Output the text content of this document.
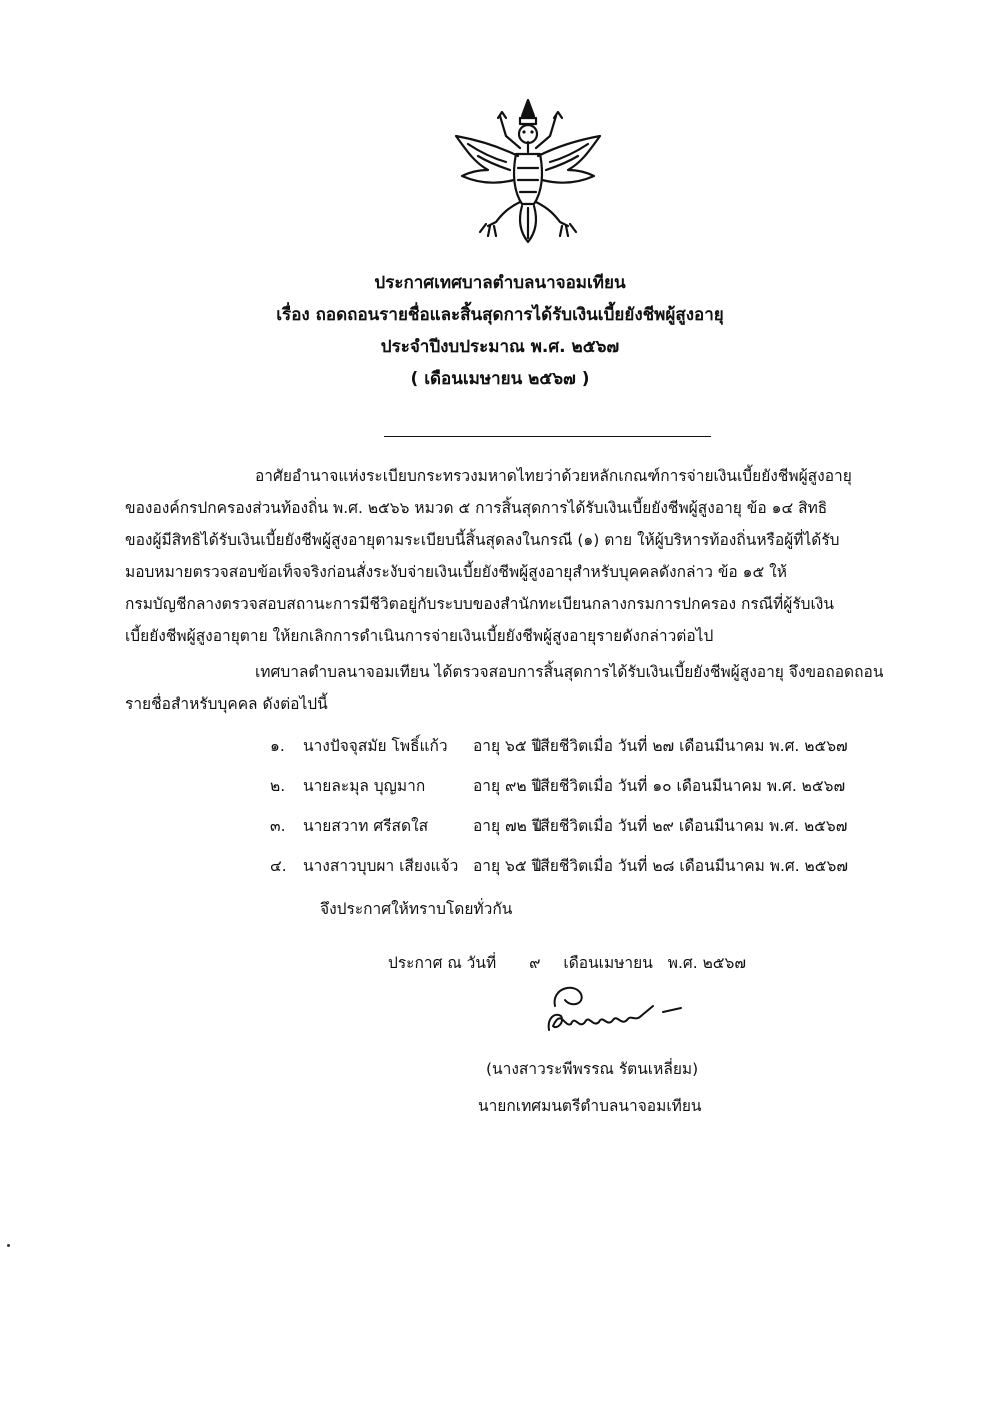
ประกาศเทศบาลตำบลนาจอมเทียน
เรื่อง ถอดถอนรายชื่อและสิ้นสุดการได้รับเงินเบี้ยยังชีพผู้สูงอายุ
ประจำปีงบประมาณ พ.ศ. ๒๕๖๗
( เดือนเมษายน ๒๕๖๗ )
อาศัยอำนาจแห่งระเบียบกระทรวงมหาดไทยว่าด้วยหลักเกณฑ์การจ่ายเงินเบี้ยยังชีพผู้สูงอายุ
ขององค์กรปกครองส่วนท้องถิ่น พ.ศ. ๒๕๖๖ หมวด ๕ การสิ้นสุดการได้รับเงินเบี้ยยังชีพผู้สูงอายุ ข้อ ๑๔ สิทธิ
ของผู้มีสิทธิได้รับเงินเบี้ยยังชีพผู้สูงอายุตามระเบียบนี้สิ้นสุดลงในกรณี (๑) ตาย ให้ผู้บริหารท้องถิ่นหรือผู้ที่ได้รับ
มอบหมายตรวจสอบข้อเท็จจริงก่อนสั่งระงับจ่ายเงินเบี้ยยังชีพผู้สูงอายุสำหรับบุคคลดังกล่าว ข้อ ๑๕ ให้
กรมบัญชีกลางตรวจสอบสถานะการมีชีวิตอยู่กับระบบของสำนักทะเบียนกลางกรมการปกครอง กรณีที่ผู้รับเงิน
เบี้ยยังชีพผู้สูงอายุตาย ให้ยกเลิกการดำเนินการจ่ายเงินเบี้ยยังชีพผู้สูงอายุรายดังกล่าวต่อไป
เทศบาลตำบลนาจอมเทียน ได้ตรวจสอบการสิ้นสุดการได้รับเงินเบี้ยยังชีพผู้สูงอายุ จึงขอถอดถอน
รายชื่อสำหรับบุคคล ดังต่อไปนี้
๑. นางปัจจุสมัย โพธิ์แก้ว อายุ ๖๕ ปี
เสียชีวิตเมื่อ วันที่ ๒๗ เดือนมีนาคม พ.ศ. ๒๕๖๗
๒. นายละมุล บุญมาก	อายุ ๙๒ ปี
เสียชีวิตเมื่อ วันที่ ๑๐ เดือนมีนาคม พ.ศ. ๒๕๖๗
๓. นายสวาท ศรีสดใส	อายุ ๗๒ ปี
เสียชีวิตเมื่อ วันที่ ๒๙ เดือนมีนาคม พ.ศ. ๒๕๖๗
๔. นางสาวบุบผา เสียงแจ้ว อายุ ๖๕ ปี
เสียชีวิตเมื่อ วันที่ ๒๘ เดือนมีนาคม พ.ศ. ๒๕๖๗
จึงประกาศให้ทราบโดยทั่วกัน
ประกาศ ณ วันที่ ๙ เดือนเมษายน พ.ศ. ๒๕๖๗
(นางสาวระพีพรรณ รัตนเหลี่ยม)
นายกเทศมนตรีตำบลนาจอมเทียน
